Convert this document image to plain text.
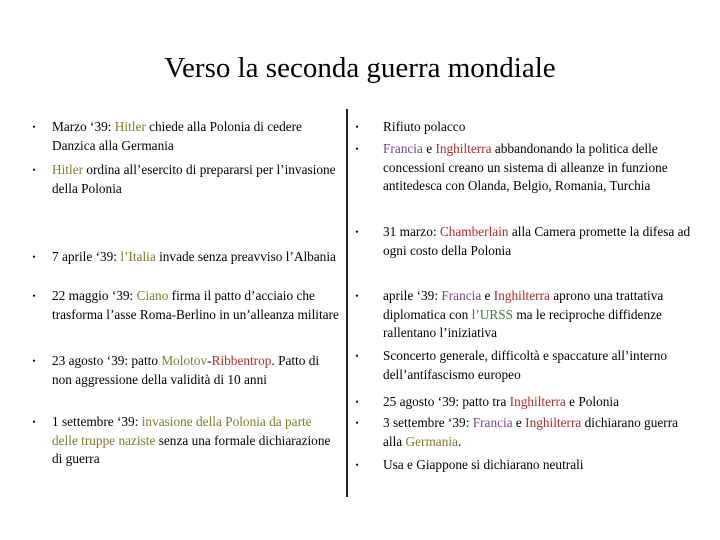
Verso la seconda guerra mondiale
• Marzo ‘39: Hitler chiede alla Polonia di cedere Danzica alla Germania
• Hitler ordina all’esercito di prepararsi per l’invasione della Polonia
• 7 aprile ‘39: l’Italia invade senza preavviso l’Albania
• 22 maggio ‘39: Ciano firma il patto d’acciaio che trasforma l’asse Roma-Berlino in un’alleanza militare
• 23 agosto ‘39: patto Molotov-Ribbentrop. Patto di non aggressione della validità di 10 anni
• 1 settembre ‘39: invasione della Polonia da parte delle truppe naziste senza una formale dichiarazione di guerra
• Rifiuto polacco
• Francia e Inghilterra abbandonando la politica delle concessioni creano un sistema di alleanze in funzione antitedesca con Olanda, Belgio, Romania, Turchia
• 31 marzo: Chamberlain alla Camera promette la difesa ad ogni costo della Polonia
• aprile ‘39: Francia e Inghilterra aprono una trattativa diplomatica con l’URSS ma le reciproche diffidenze rallentano l’iniziativa
• Sconcerto generale, difficoltà e spaccature all’interno dell’antifascismo europeo
• 25 agosto ‘39: patto tra Inghilterra e Polonia
• 3 settembre ‘39: Francia e Inghilterra dichiarano guerra alla Germania.
• Usa e Giappone si dichiarano neutrali
